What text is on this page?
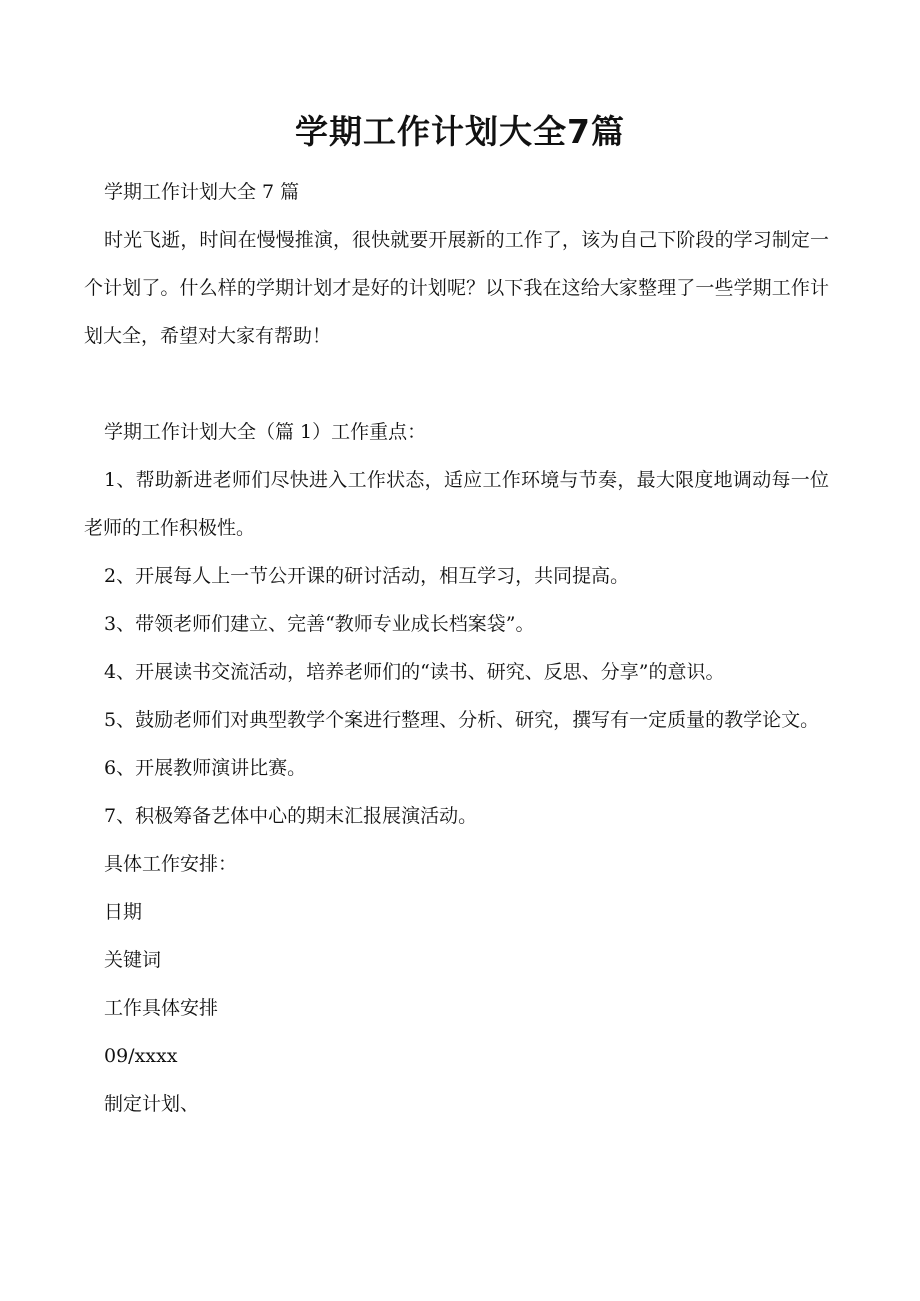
学期工作计划大全7篇

学期工作计划大全 7 篇

时光飞逝，时间在慢慢推演，很快就要开展新的工作了，该为自己下阶段的学习制定一个计划了。什么样的学期计划才是好的计划呢？以下我在这给大家整理了一些学期工作计划大全，希望对大家有帮助！

学期工作计划大全（篇 1）工作重点：

1、帮助新进老师们尽快进入工作状态，适应工作环境与节奏，最大限度地调动每一位老师的工作积极性。

2、开展每人上一节公开课的研讨活动，相互学习，共同提高。

3、带领老师们建立、完善“教师专业成长档案袋”。

4、开展读书交流活动，培养老师们的“读书、研究、反思、分享”的意识。

5、鼓励老师们对典型教学个案进行整理、分析、研究，撰写有一定质量的教学论文。

6、开展教师演讲比赛。

7、积极筹备艺体中心的期末汇报展演活动。

具体工作安排：

日期

关键词

工作具体安排

09/xxxx

制定计划、
